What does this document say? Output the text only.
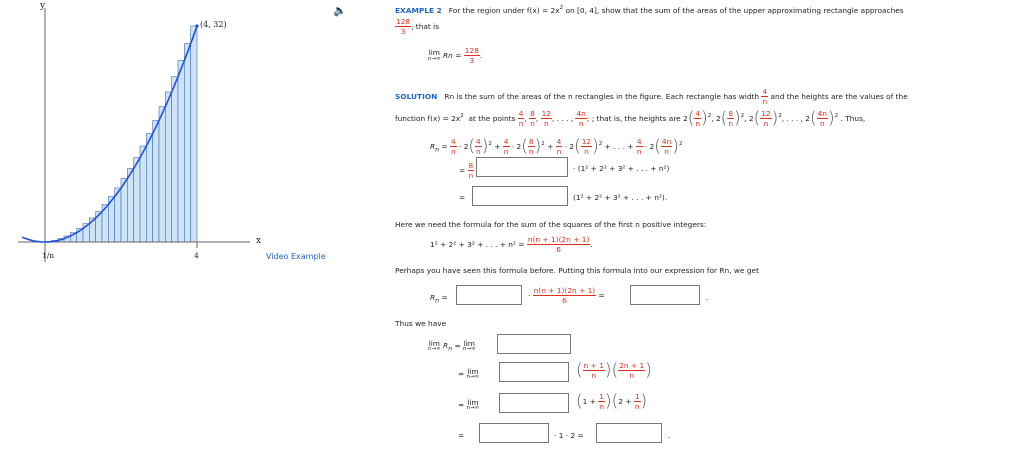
y
x
(4, 32)
1/n	4	Video Example
🔈	EXAMPLE 2 For the region under $f(x) = 2x^2$ on [0, 4], show that the sum of the areas of the upper approximating rectangle approaches
$\frac{128}{3}$ , that is
lim
n→∞ $Rn = \frac{128}{3}$ .
SOLUTION Rn is the sum of the areas of the n rectangles in the figure. Each rectangle has width $\frac{4}{n}$ and the heights are the values of the
function $f(x) = 2x^2$ at the points $\frac{4}{n}$ , $\frac{8}{n}$ , $\frac{12}{n}$ , . . . , $\frac{4n}{n}$ ; ; that is, the heights are $2( \frac{4}{n} )^2$, $2( \frac{8}{n} )^2$, $2( \frac{12}{n} )^2$, . . . , $2( \frac{4n}{n} )^2$ . Thus,
$R_n = \frac{4}{n} \cdot 2( \frac{4}{n} )^2 + \frac{4}{n} \cdot 2( \frac{8}{n} )^2 + \frac{4}{n} \cdot 2( \frac{12}{n} )^2$ + . . . + $\frac{4}{n} \cdot 2( \frac{4n}{n} )^2$
= $\frac{8}{n}$	· (1² + 2² + 3² + . . . + n²)
=	(1² + 2² + 3² + . . . + n²).
Here we need the formula for the sum of the squares of the first n positive integers:
1² + 2² + 3² + . . . + $n^2 = \frac{n(n + 1)(2n + 1)}{6}$ .
Perhaps you have seen this formula before. Putting this formula into our expression for Rn, we get
$R_n$ =	· $\frac{n(n + 1)(2n + 1)}{6}$ =	.
Thus we have
lim
n→∞ $R_n = \lim$
n→∞
= lim
n→∞	( $\frac{n + 1}{n}$ )( $\frac{2n + 1}{n}$ )
= lim
n→∞	$(1 + \frac{1}{n} )(2 + \frac{1}{n}$ )
=	· 1 · 2 =	.
